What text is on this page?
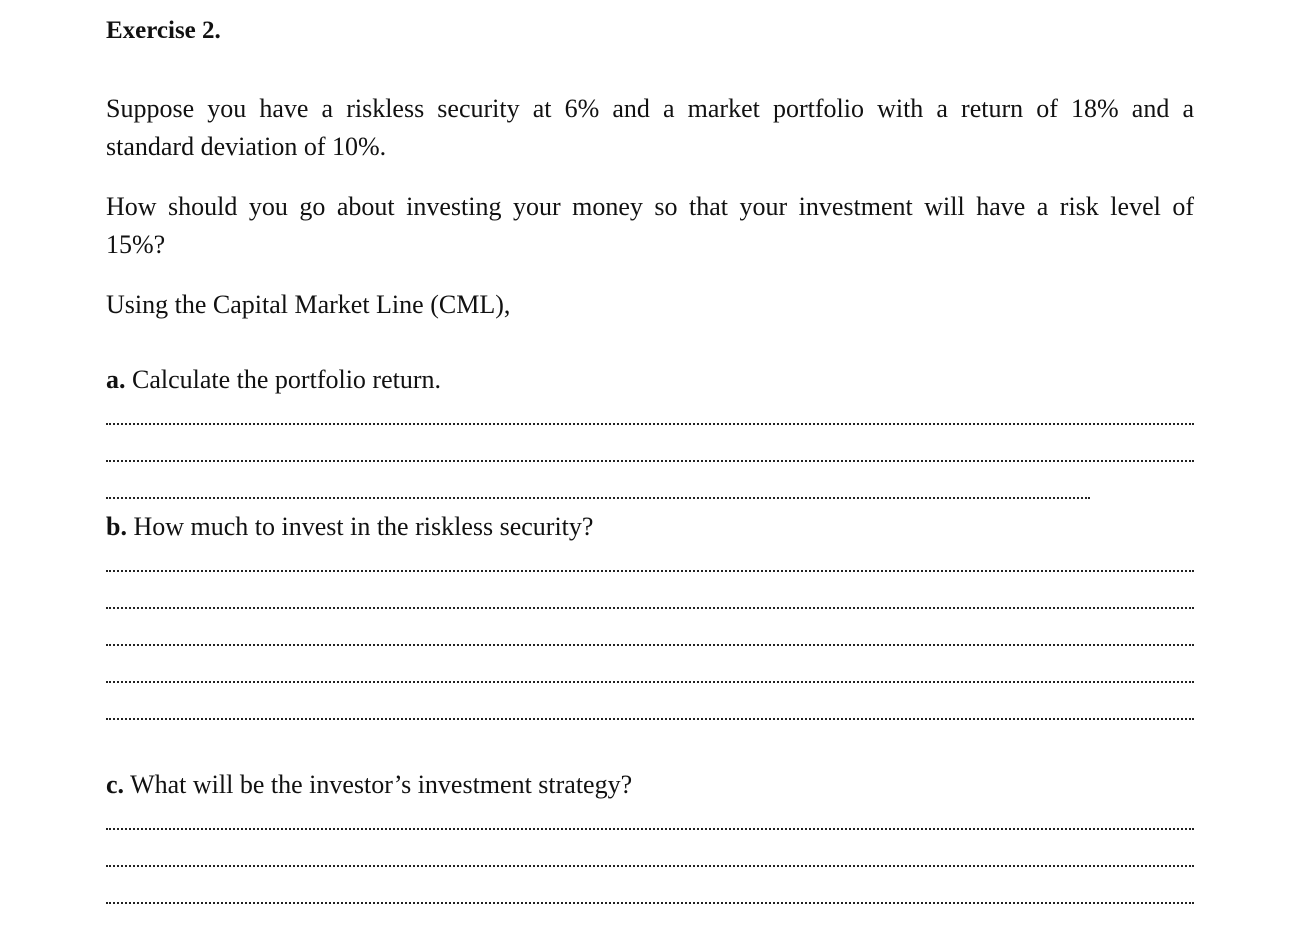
Exercise 2.
Suppose you have a riskless security at 6% and a market portfolio with a return of 18% and a
standard deviation of 10%.
How should you go about investing your money so that your investment will have a risk level of
15%?
Using the Capital Market Line (CML),
a. Calculate the portfolio return.
b. How much to invest in the riskless security?
c. What will be the investor’s investment strategy?
